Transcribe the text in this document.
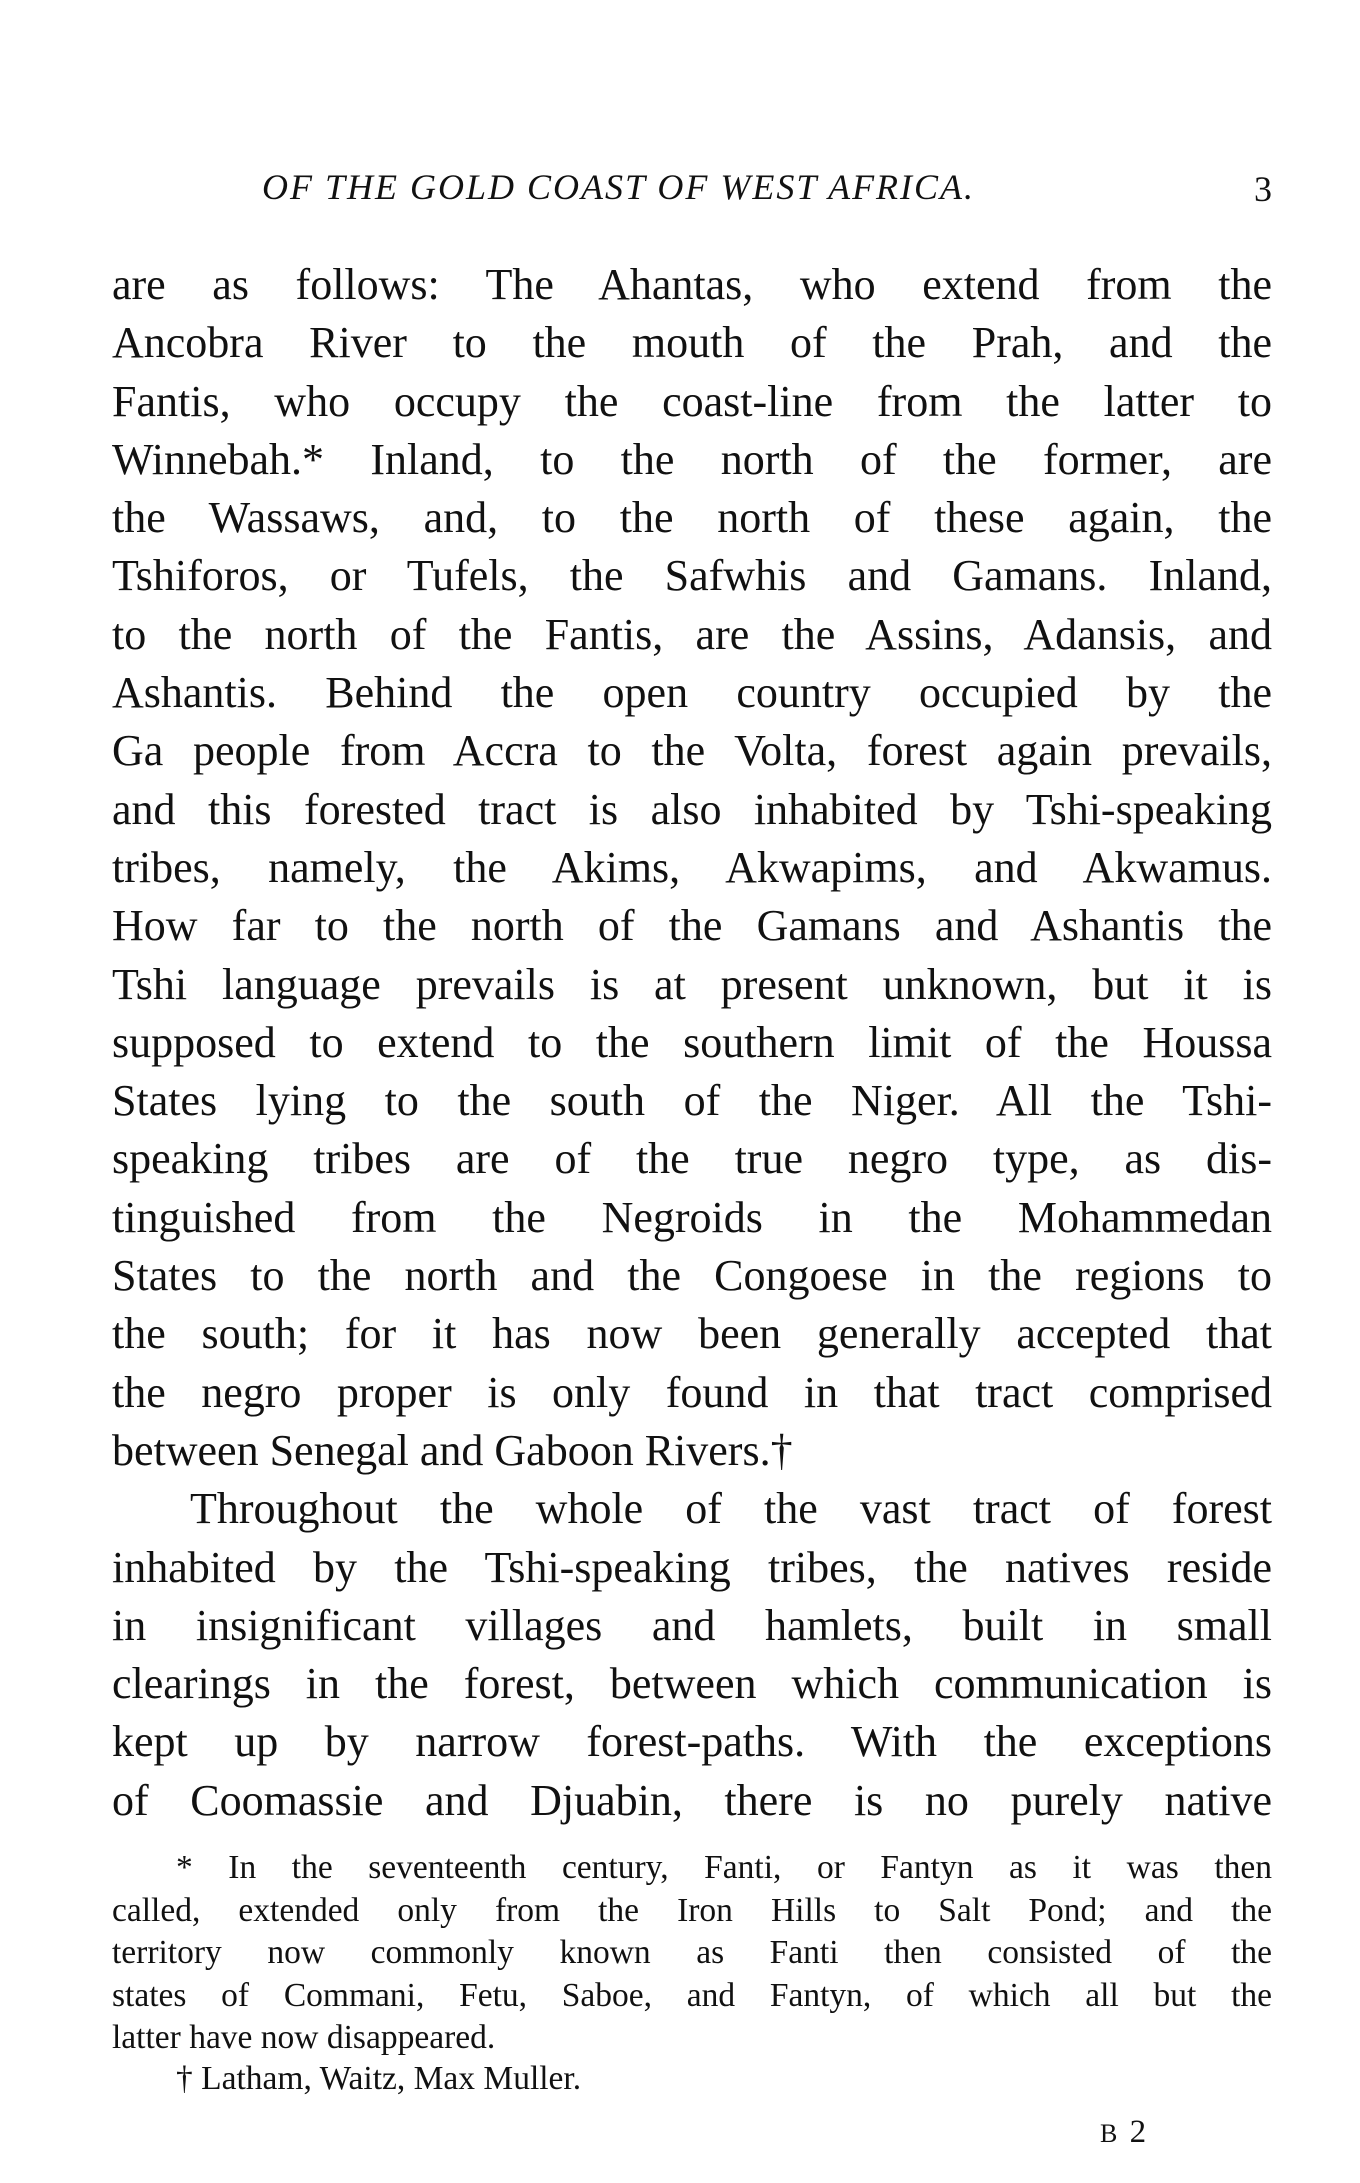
OF THE GOLD COAST OF WEST AFRICA.	3
are as follows: The Ahantas, who extend from the
Ancobra River to the mouth of the Prah, and the
Fantis, who occupy the coast-line from the latter to
Winnebah.* Inland, to the north of the former, are
the Wassaws, and, to the north of these again, the
Tshiforos, or Tufels, the Safwhis and Gamans. Inland,
to the north of the Fantis, are the Assins, Adansis, and
Ashantis. Behind the open country occupied by the
Ga people from Accra to the Volta, forest again prevails,
and this forested tract is also inhabited by Tshi-speaking
tribes, namely, the Akims, Akwapims, and Akwamus.
How far to the north of the Gamans and Ashantis the
Tshi language prevails is at present unknown, but it is
supposed to extend to the southern limit of the Houssa
States lying to the south of the Niger. All the Tshi-
speaking tribes are of the true negro type, as dis-
tinguished from the Negroids in the Mohammedan
States to the north and the Congoese in the regions to
the south; for it has now been generally accepted that
the negro proper is only found in that tract comprised
between Senegal and Gaboon Rivers.†
Throughout the whole of the vast tract of forest
inhabited by the Tshi-speaking tribes, the natives reside
in insignificant villages and hamlets, built in small
clearings in the forest, between which communication is
kept up by narrow forest-paths. With the exceptions
of Coomassie and Djuabin, there is no purely native
* In the seventeenth century, Fanti, or Fantyn as it was then
called, extended only from the Iron Hills to Salt Pond; and the
territory now commonly known as Fanti then consisted of the
states of Commani, Fetu, Saboe, and Fantyn, of which all but the
latter have now disappeared.
† Latham, Waitz, Max Muller.
B 2
